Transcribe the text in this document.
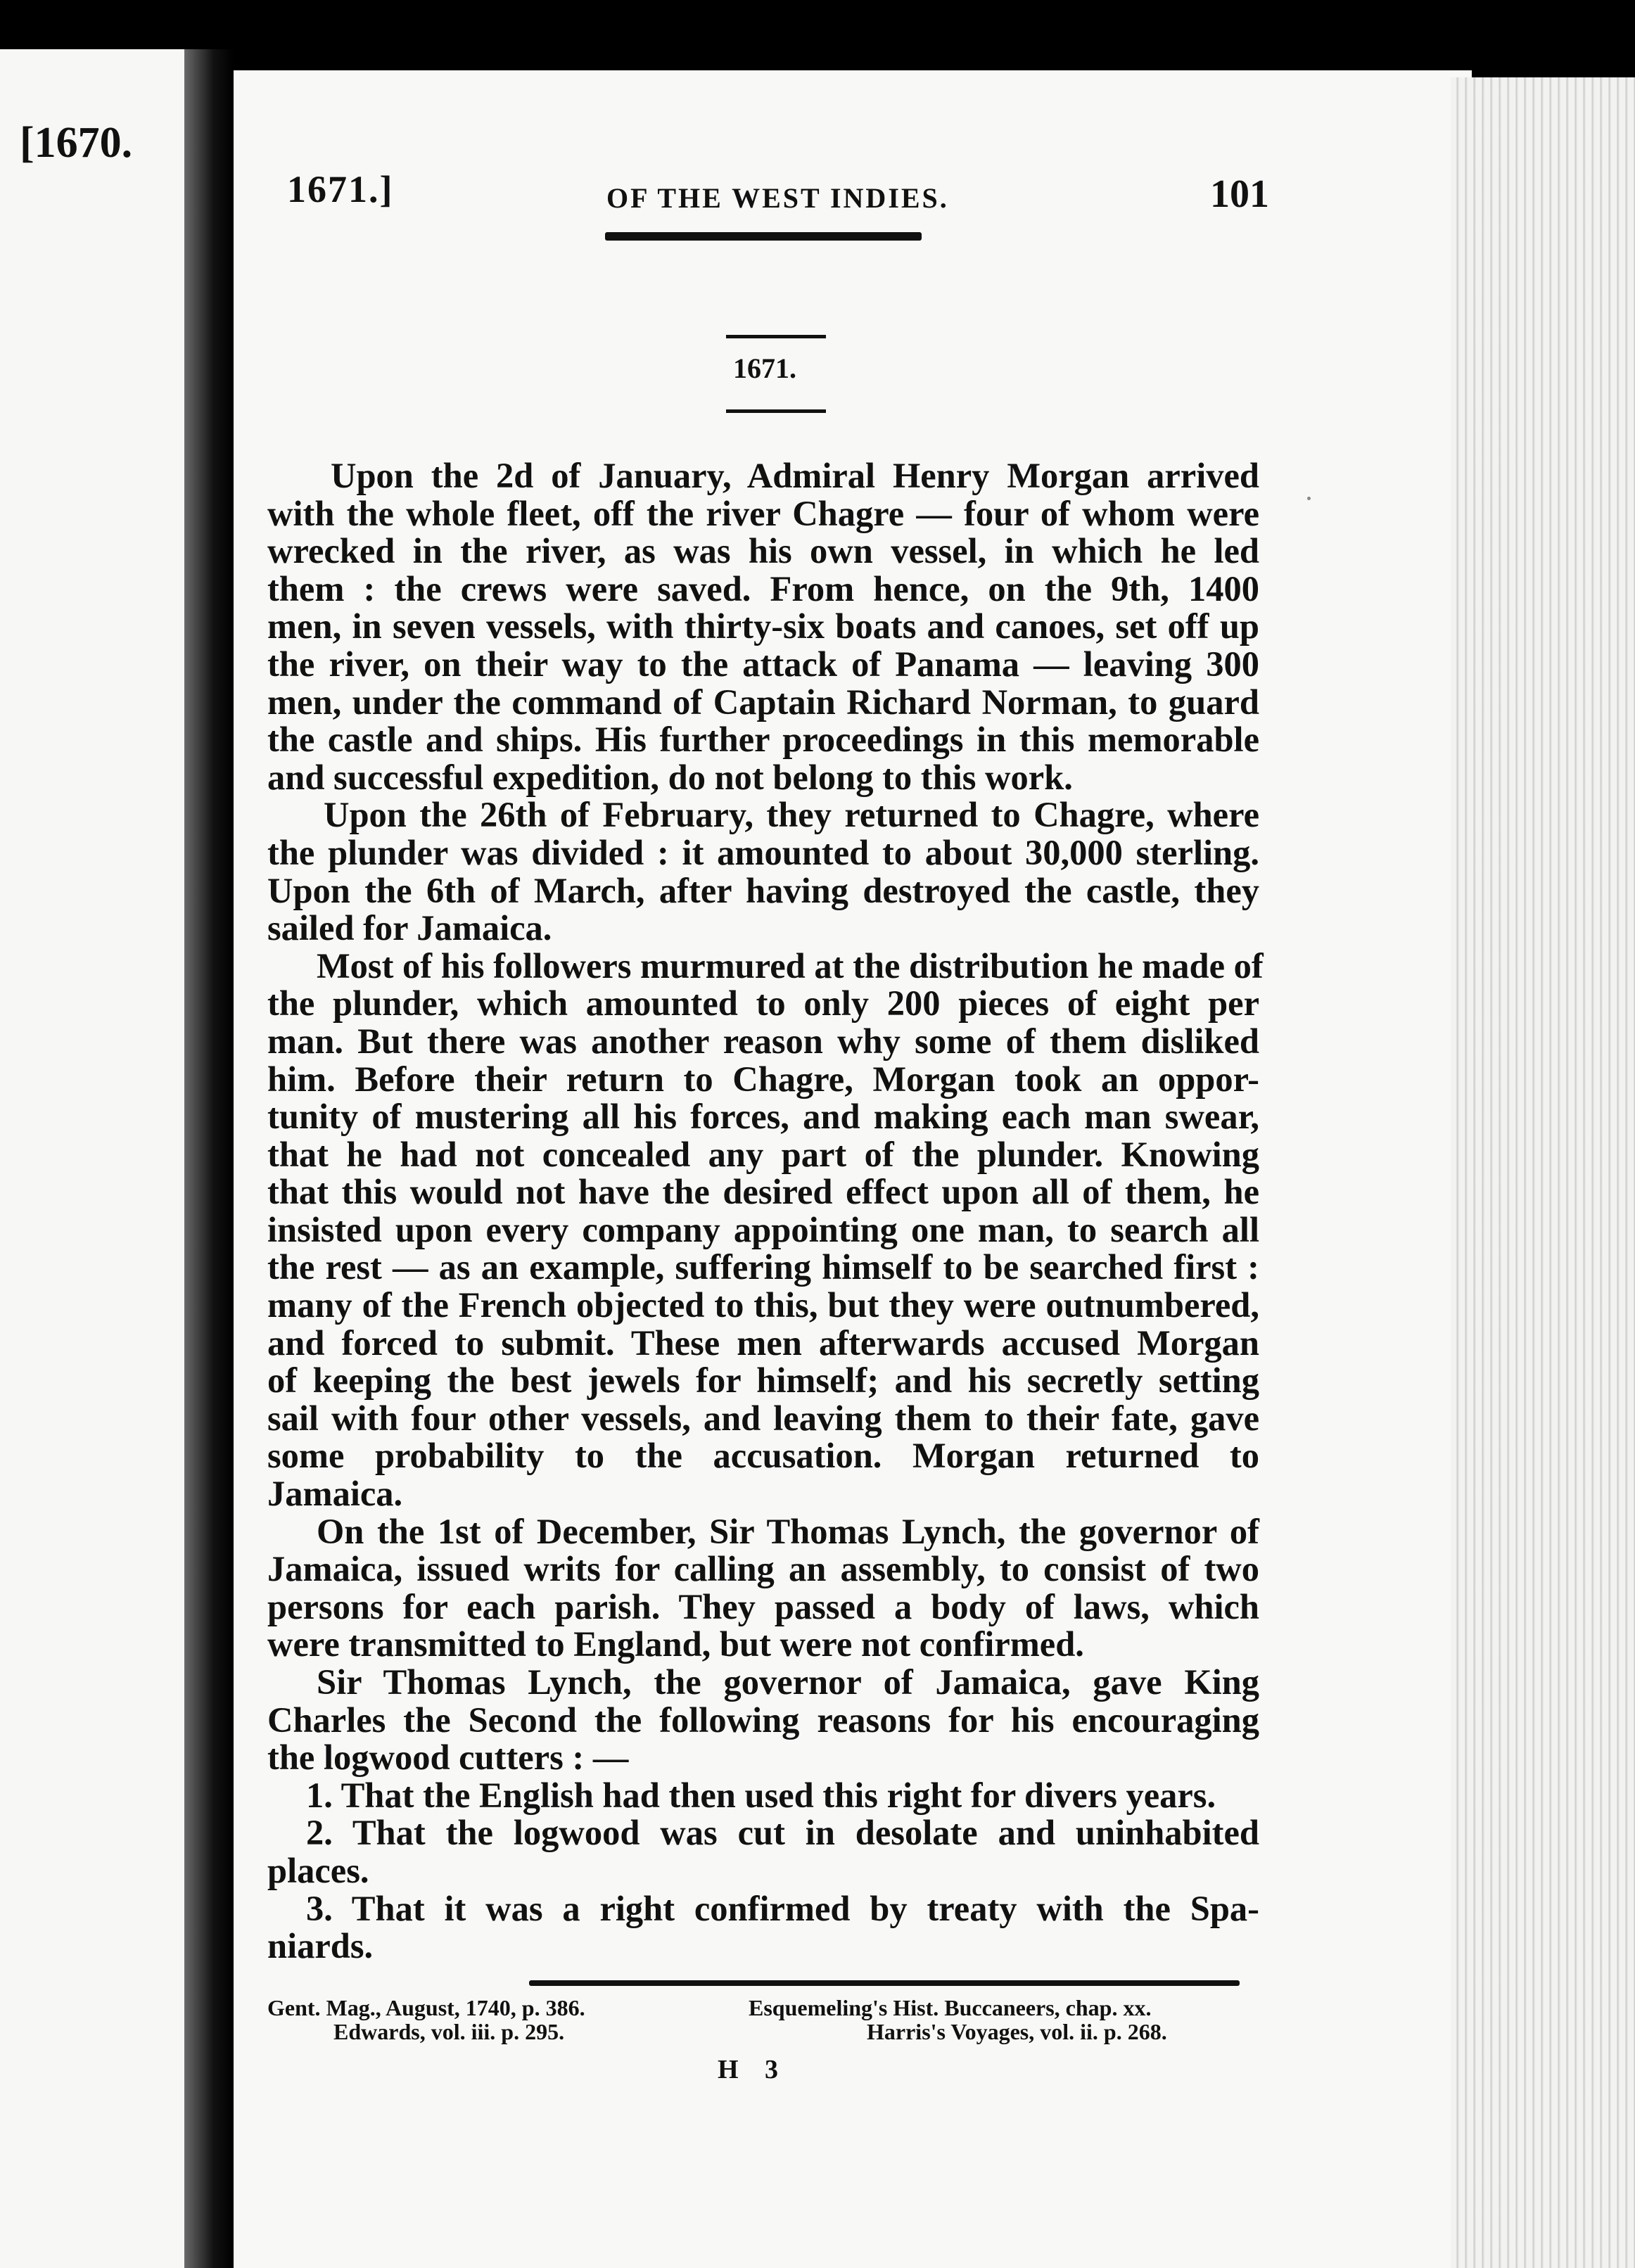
[1670.
1671.]	OF THE WEST INDIES.	101
1671.
Upon the 2d of January, Admiral Henry Morgan arrived
with the whole fleet, off the river Chagre — four of whom were
wrecked in the river, as was his own vessel, in which he led
them : the crews were saved. From hence, on the 9th, 1400
men, in seven vessels, with thirty-six boats and canoes, set off up
the river, on their way to the attack of Panama — leaving 300
men, under the command of Captain Richard Norman, to guard
the castle and ships. His further proceedings in this memorable
and successful expedition, do not belong to this work.
Upon the 26th of February, they returned to Chagre, where
the plunder was divided : it amounted to about 30,000 sterling.
Upon the 6th of March, after having destroyed the castle, they
sailed for Jamaica.
Most of his followers murmured at the distribution he made of
the plunder, which amounted to only 200 pieces of eight per
man. But there was another reason why some of them disliked
him. Before their return to Chagre, Morgan took an oppor-
tunity of mustering all his forces, and making each man swear,
that he had not concealed any part of the plunder. Knowing
that this would not have the desired effect upon all of them, he
insisted upon every company appointing one man, to search all
the rest — as an example, suffering himself to be searched first :
many of the French objected to this, but they were outnumbered,
and forced to submit. These men afterwards accused Morgan
of keeping the best jewels for himself; and his secretly setting
sail with four other vessels, and leaving them to their fate, gave
some probability to the accusation. Morgan returned to
Jamaica.
On the 1st of December, Sir Thomas Lynch, the governor of
Jamaica, issued writs for calling an assembly, to consist of two
persons for each parish. They passed a body of laws, which
were transmitted to England, but were not confirmed.
Sir Thomas Lynch, the governor of Jamaica, gave King
Charles the Second the following reasons for his encouraging
the logwood cutters : —
1. That the English had then used this right for divers years.
2. That the logwood was cut in desolate and uninhabited
places.
3. That it was a right confirmed by treaty with the Spa-
niards.
Gent. Mag., August, 1740, p. 386.
Edwards, vol. iii. p. 295.
Esquemeling's Hist. Buccaneers, chap. xx.
Harris's Voyages, vol. ii. p. 268.
H 3
